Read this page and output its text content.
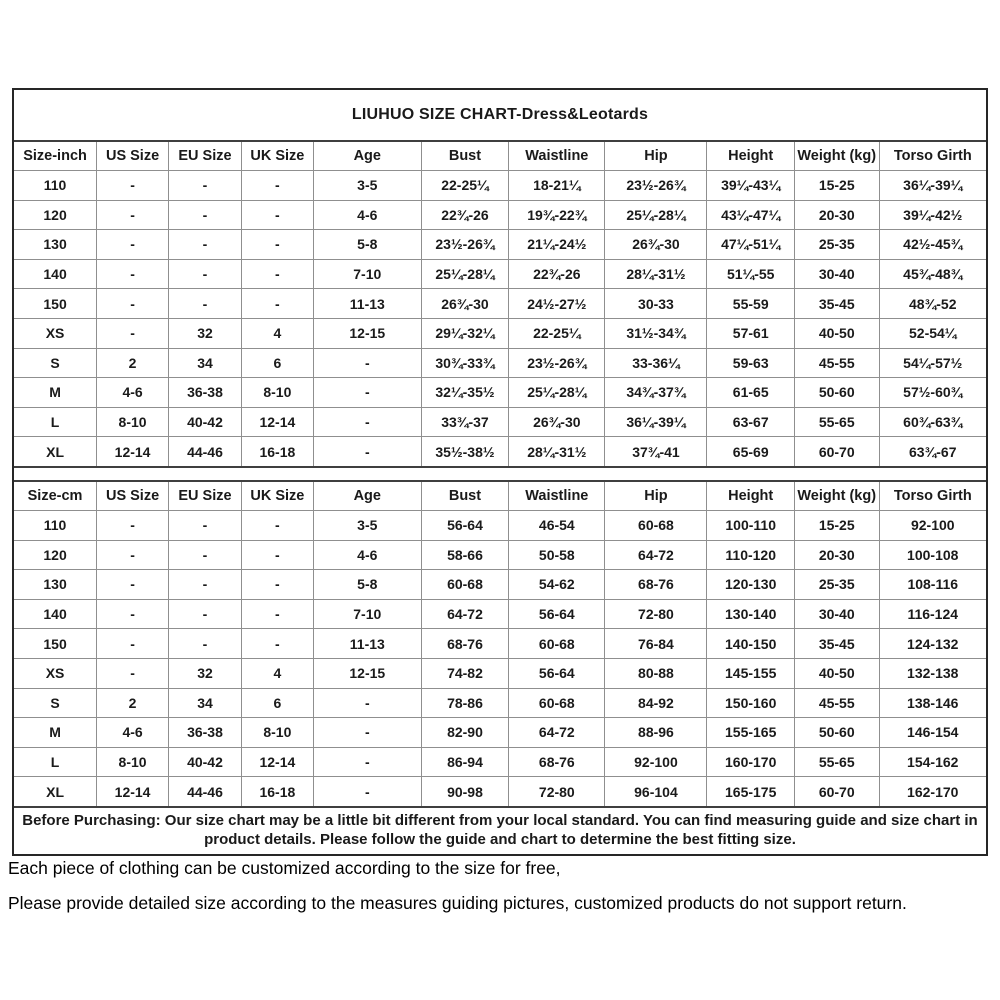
LIUHUO SIZE CHART-Dress&Leotards
Size-inch	US Size	EU Size	UK Size	Age	Bust	Waistline	Hip	Height	Weight (kg)	Torso Girth
110	-	-	-	3-5	22-25¼	18-21¼	23½-26¾	39¼-43¼	15-25	36¼-39¼
120	-	-	-	4-6	22¾-26	19¾-22¾	25¼-28¼	43¼-47¼	20-30	39¼-42½
130	-	-	-	5-8	23½-26¾	21¼-24½	26¾-30	47¼-51¼	25-35	42½-45¾
140	-	-	-	7-10	25¼-28¼	22¾-26	28¼-31½	51¼-55	30-40	45¾-48¾
150	-	-	-	11-13	26¾-30	24½-27½	30-33	55-59	35-45	48¾-52
XS	-	32	4	12-15	29¼-32¼	22-25¼	31½-34¾	57-61	40-50	52-54¼
S	2	34	6	-	30¾-33¾	23½-26¾	33-36¼	59-63	45-55	54¼-57½
M	4-6	36-38	8-10	-	32¼-35½	25¼-28¼	34¾-37¾	61-65	50-60	57½-60¾
L	8-10	40-42	12-14	-	33¾-37	26¾-30	36¼-39¼	63-67	55-65	60¾-63¾
XL	12-14	44-46	16-18	-	35½-38½	28¼-31½	37¾-41	65-69	60-70	63¾-67
Size-cm	US Size	EU Size	UK Size	Age	Bust	Waistline	Hip	Height	Weight (kg)	Torso Girth
110	-	-	-	3-5	56-64	46-54	60-68	100-110	15-25	92-100
120	-	-	-	4-6	58-66	50-58	64-72	110-120	20-30	100-108
130	-	-	-	5-8	60-68	54-62	68-76	120-130	25-35	108-116
140	-	-	-	7-10	64-72	56-64	72-80	130-140	30-40	116-124
150	-	-	-	11-13	68-76	60-68	76-84	140-150	35-45	124-132
XS	-	32	4	12-15	74-82	56-64	80-88	145-155	40-50	132-138
S	2	34	6	-	78-86	60-68	84-92	150-160	45-55	138-146
M	4-6	36-38	8-10	-	82-90	64-72	88-96	155-165	50-60	146-154
L	8-10	40-42	12-14	-	86-94	68-76	92-100	160-170	55-65	154-162
XL	12-14	44-46	16-18	-	90-98	72-80	96-104	165-175	60-70	162-170
Before Purchasing: Our size chart may be a little bit different from your local standard. You can find measuring guide and size chart in product details. Please follow the guide and chart to determine the best fitting size.
Each piece of clothing can be customized according to the size for free,
Please provide detailed size according to the measures guiding pictures, customized products do not support return.
